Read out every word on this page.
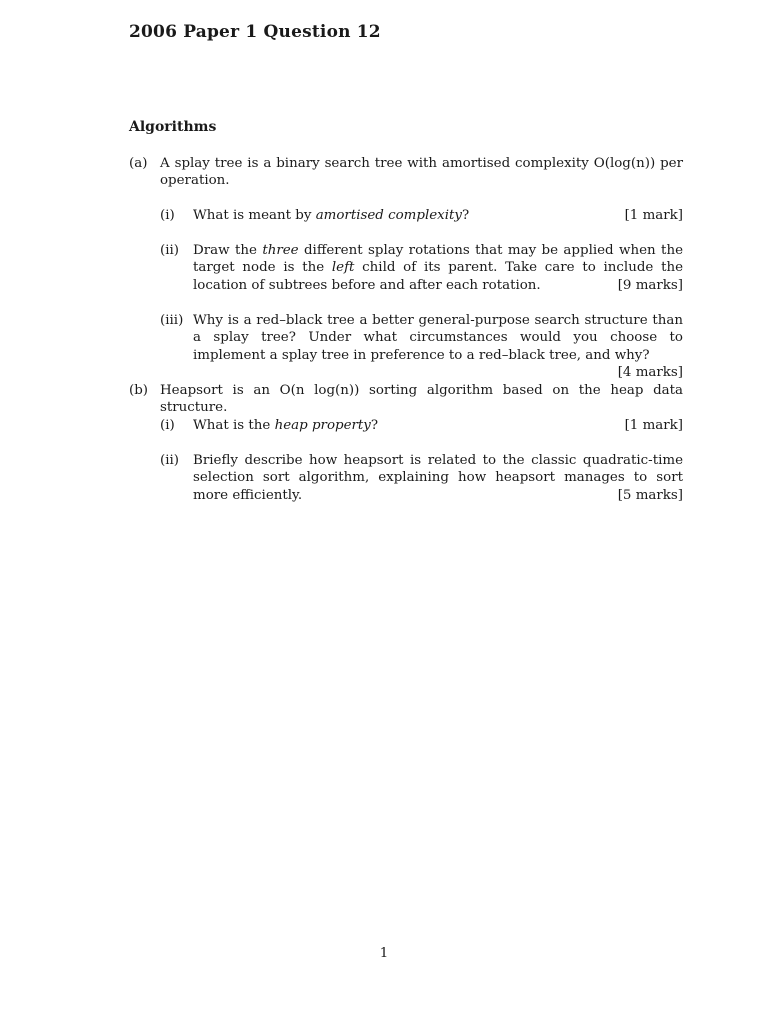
2006 Paper 1 Question 12
Algorithms
(a) A splay tree is a binary search tree with amortised complexity O(log(n)) per operation.
(i)	[1 mark]
What is meant by amortised complexity?
(ii) Draw the three different splay rotations that may be applied when the target node is the left child of its parent. Take care to include the location of subtrees before and after each rotation.	[9 marks]
(iii) Why is a red–black tree a better general-purpose search structure than a splay tree? Under what circumstances would you choose to implement a splay tree in preference to a red–black tree, and why?
[4 marks]
(b) Heapsort is an O(n log(n)) sorting algorithm based on the heap data structure.
(i)	[1 mark]
What is the heap property?
(ii) Briefly describe how heapsort is related to the classic quadratic-time selection sort algorithm, explaining how heapsort manages to sort more efficiently.	[5 marks]
1
